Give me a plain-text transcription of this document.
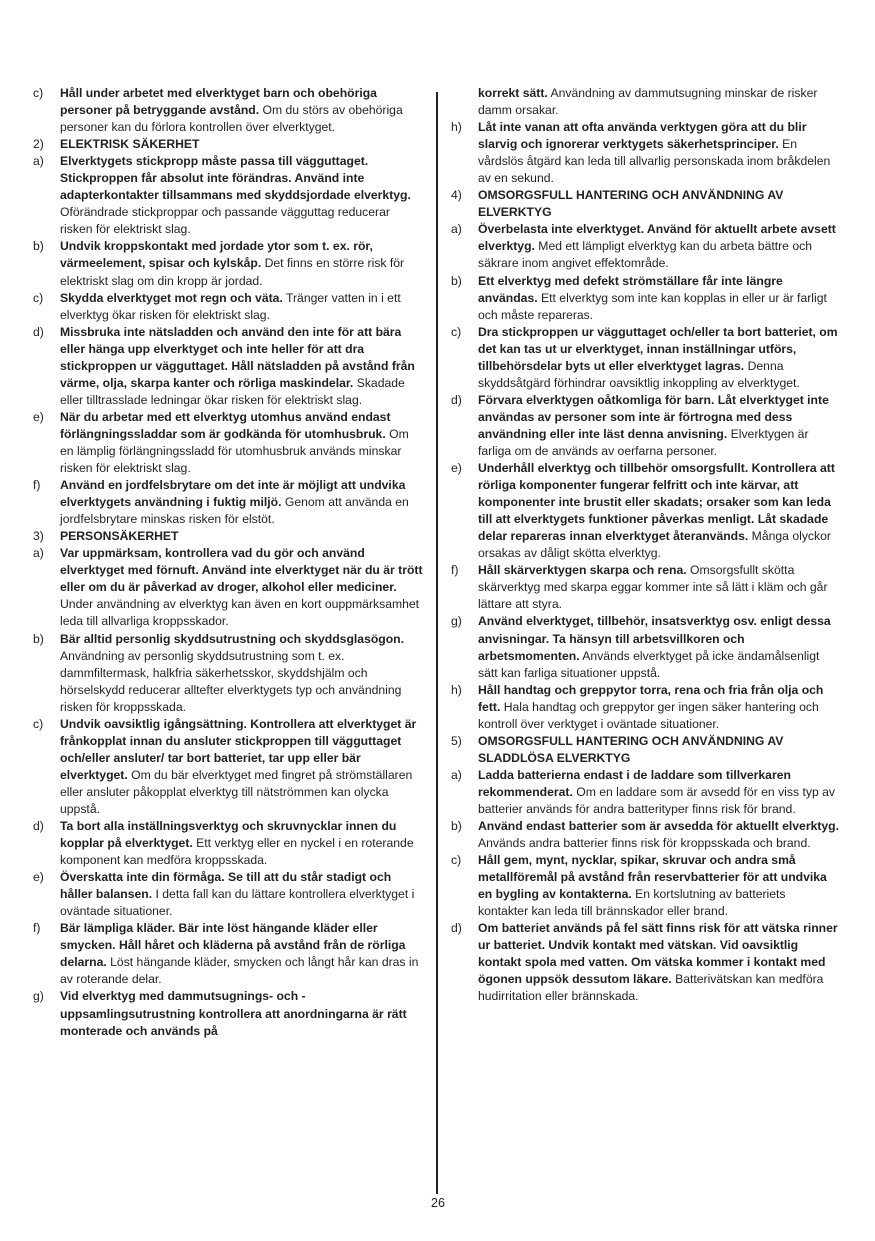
c) Håll under arbetet med elverktyget barn och obehöriga personer på betryggande avstånd. Om du störs av obehöriga personer kan du förlora kontrollen över elverktyget.
2) ELEKTRISK SÄKERHET
a) Elverktygets stickpropp måste passa till vägguttaget. Stickproppen får absolut inte förändras. Använd inte adapterkontakter tillsammans med skyddsjordade elverktyg. Oförändrade stickproppar och passande vägguttag reducerar risken för elektriskt slag.
b) Undvik kroppskontakt med jordade ytor som t. ex. rör, värmeelement, spisar och kylskåp. Det finns en större risk för elektriskt slag om din kropp är jordad.
c) Skydda elverktyget mot regn och väta. Tränger vatten in i ett elverktyg ökar risken för elektriskt slag.
d) Missbruka inte nätsladden och använd den inte för att bära eller hänga upp elverktyget och inte heller för att dra stickproppen ur vägguttaget. Håll nätsladden på avstånd från värme, olja, skarpa kanter och rörliga maskindelar. Skadade eller tilltrasslade ledningar ökar risken för elektriskt slag.
e) När du arbetar med ett elverktyg utomhus använd endast förlängningssladdar som är godkända för utomhusbruk. Om en lämplig förlängningssladd för utomhusbruk används minskar risken för elektriskt slag.
f) Använd en jordfelsbrytare om det inte är möjligt att undvika elverktygets användning i fuktig miljö. Genom att använda en jordfelsbrytare minskas risken för elstöt.
3) PERSONSÄKERHET
a) Var uppmärksam, kontrollera vad du gör och använd elverktyget med förnuft. Använd inte elverktyget när du är trött eller om du är påverkad av droger, alkohol eller mediciner. Under användning av elverktyg kan även en kort ouppmärksamhet leda till allvarliga kroppsskador.
b) Bär alltid personlig skyddsutrustning och skyddsglasögon. Användning av personlig skyddsutrustning som t. ex. dammfiltermask, halkfria säkerhetsskor, skyddshjälm och hörselskydd reducerar alltefter elverktygets typ och användning risken för kroppsskada.
c) Undvik oavsiktlig igångsättning. Kontrollera att elverktyget är frånkopplat innan du ansluter stickproppen till vägguttaget och/eller ansluter/ tar bort batteriet, tar upp eller bär elverktyget. Om du bär elverktyget med fingret på strömställaren eller ansluter påkopplat elverktyg till nätströmmen kan olycka uppstå.
d) Ta bort alla inställningsverktyg och skruvnycklar innen du kopplar på elverktyget. Ett verktyg eller en nyckel i en roterande komponent kan medföra kroppsskada.
e) Överskatta inte din förmåga. Se till att du står stadigt och håller balansen. I detta fall kan du lättare kontrollera elverktyget i oväntade situationer.
f) Bär lämpliga kläder. Bär inte löst hängande kläder eller smycken. Håll håret och kläderna på avstånd från de rörliga delarna. Löst hängande kläder, smycken och långt hår kan dras in av roterande delar.
g) Vid elverktyg med dammutsugnings- och -uppsamlingsutrustning kontrollera att anordningarna är rätt monterade och används på
korrekt sätt. Användning av dammutsugning minskar de risker damm orsakar.
h) Låt inte vanan att ofta använda verktygen göra att du blir slarvig och ignorerar verktygets säkerhetsprinciper. En vårdslös åtgärd kan leda till allvarlig personskada inom bråkdelen av en sekund.
4) OMSORGSFULL HANTERING OCH ANVÄNDNING AV ELVERKTYG
a) Överbelasta inte elverktyget. Använd för aktuellt arbete avsett elverktyg. Med ett lämpligt elverktyg kan du arbeta bättre och säkrare inom angivet effektområde.
b) Ett elverktyg med defekt strömställare får inte längre användas. Ett elverktyg som inte kan kopplas in eller ur är farligt och måste repareras.
c) Dra stickproppen ur vägguttaget och/eller ta bort batteriet, om det kan tas ut ur elverktyget, innan inställningar utförs, tillbehörsdelar byts ut eller elverktyget lagras. Denna skyddsåtgärd förhindrar oavsiktlig inkoppling av elverktyget.
d) Förvara elverktygen oåtkomliga för barn. Låt elverktyget inte användas av personer som inte är förtrogna med dess användning eller inte läst denna anvisning. Elverktygen är farliga om de används av oerfarna personer.
e) Underhåll elverktyg och tillbehör omsorgsfullt. Kontrollera att rörliga komponenter fungerar felfritt och inte kärvar, att komponenter inte brustit eller skadats; orsaker som kan leda till att elverktygets funktioner påverkas menligt. Låt skadade delar repareras innan elverktyget återanvänds. Många olyckor orsakas av dåligt skötta elverktyg.
f) Håll skärverktygen skarpa och rena. Omsorgsfullt skötta skärverktyg med skarpa eggar kommer inte så lätt i kläm och går lättare att styra.
g) Använd elverktyget, tillbehör, insatsverktyg osv. enligt dessa anvisningar. Ta hänsyn till arbetsvillkoren och arbetsmomenten. Används elverktyget på icke ändamålsenligt sätt kan farliga situationer uppstå.
h) Håll handtag och greppytor torra, rena och fria från olja och fett. Hala handtag och greppytor ger ingen säker hantering och kontroll över verktyget i oväntade situationer.
5) OMSORGSFULL HANTERING OCH ANVÄNDNING AV SLADDLÖSA ELVERKTYG
a) Ladda batterierna endast i de laddare som tillverkaren rekommenderat. Om en laddare som är avsedd för en viss typ av batterier används för andra batterityper finns risk för brand.
b) Använd endast batterier som är avsedda för aktuellt elverktyg. Används andra batterier finns risk för kroppsskada och brand.
c) Håll gem, mynt, nycklar, spikar, skruvar och andra små metallföremål på avstånd från reservbatterier för att undvika en bygling av kontakterna. En kortslutning av batteriets kontakter kan leda till brännskador eller brand.
d) Om batteriet används på fel sätt finns risk för att vätska rinner ur batteriet. Undvik kontakt med vätskan. Vid oavsiktlig kontakt spola med vatten. Om vätska kommer i kontakt med ögonen uppsök dessutom läkare. Batterivätskan kan medföra hudirritation eller brännskada.
26
